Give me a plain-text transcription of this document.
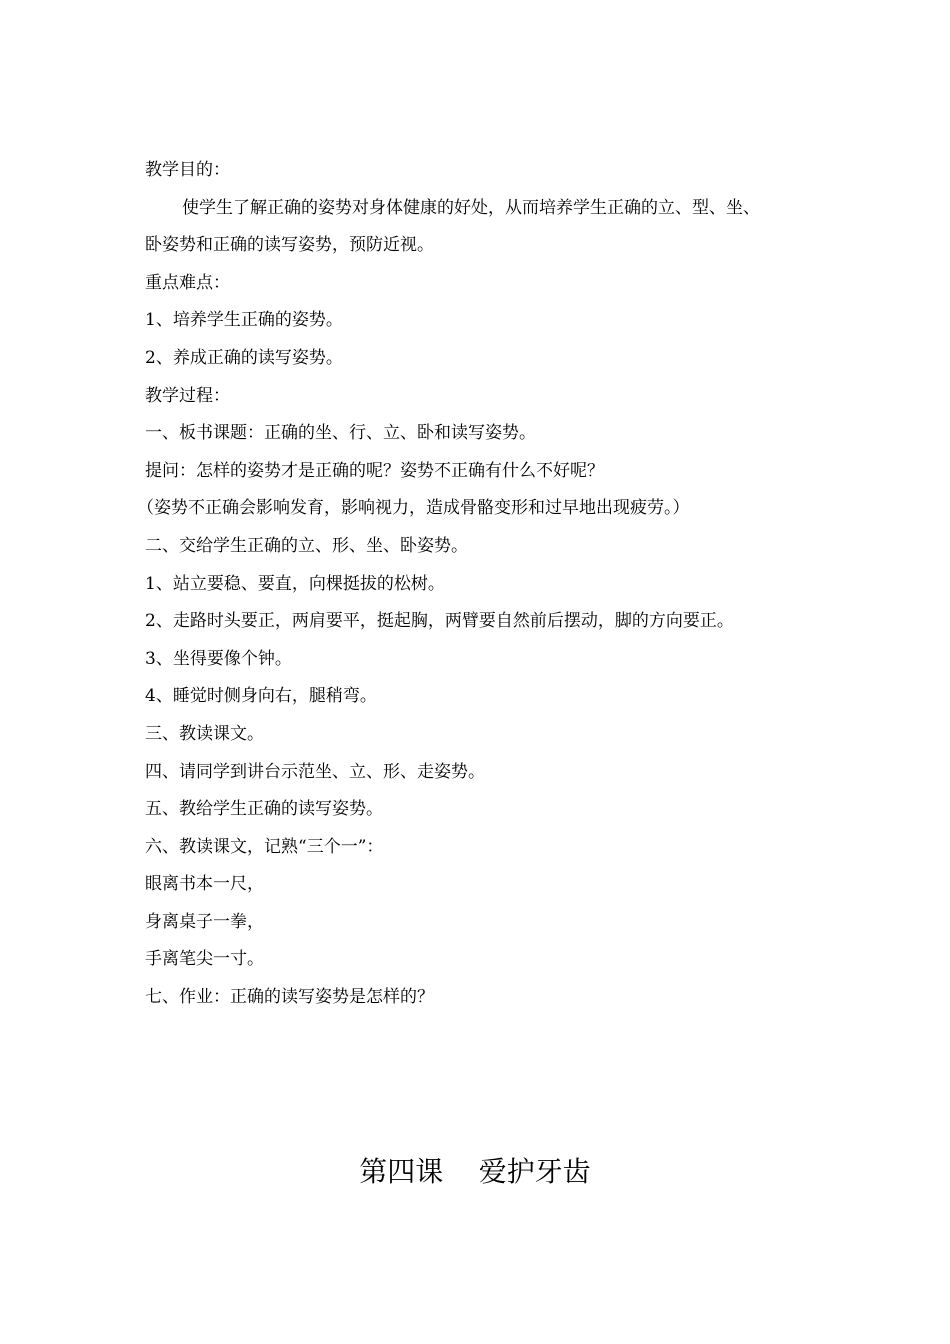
教学目的：
使学生了解正确的姿势对身体健康的好处，从而培养学生正确的立、型、坐、
卧姿势和正确的读写姿势，预防近视。
重点难点：
1、培养学生正确的姿势。
2、养成正确的读写姿势。
教学过程：
一、板书课题：正确的坐、行、立、卧和读写姿势。
提问：怎样的姿势才是正确的呢？姿势不正确有什么不好呢？
（姿势不正确会影响发育，影响视力，造成骨骼变形和过早地出现疲劳。）
二、交给学生正确的立、形、坐、卧姿势。
1、站立要稳、要直，向棵挺拔的松树。
2、走路时头要正，两肩要平，挺起胸，两臂要自然前后摆动，脚的方向要正。
3、坐得要像个钟。
4、睡觉时侧身向右，腿稍弯。
三、教读课文。
四、请同学到讲台示范坐、立、形、走姿势。
五、教给学生正确的读写姿势。
六、教读课文，记熟“三个一”：
眼离书本一尺，
身离桌子一拳，
手离笔尖一寸。
七、作业：正确的读写姿势是怎样的？
第四课    爱护牙齿
